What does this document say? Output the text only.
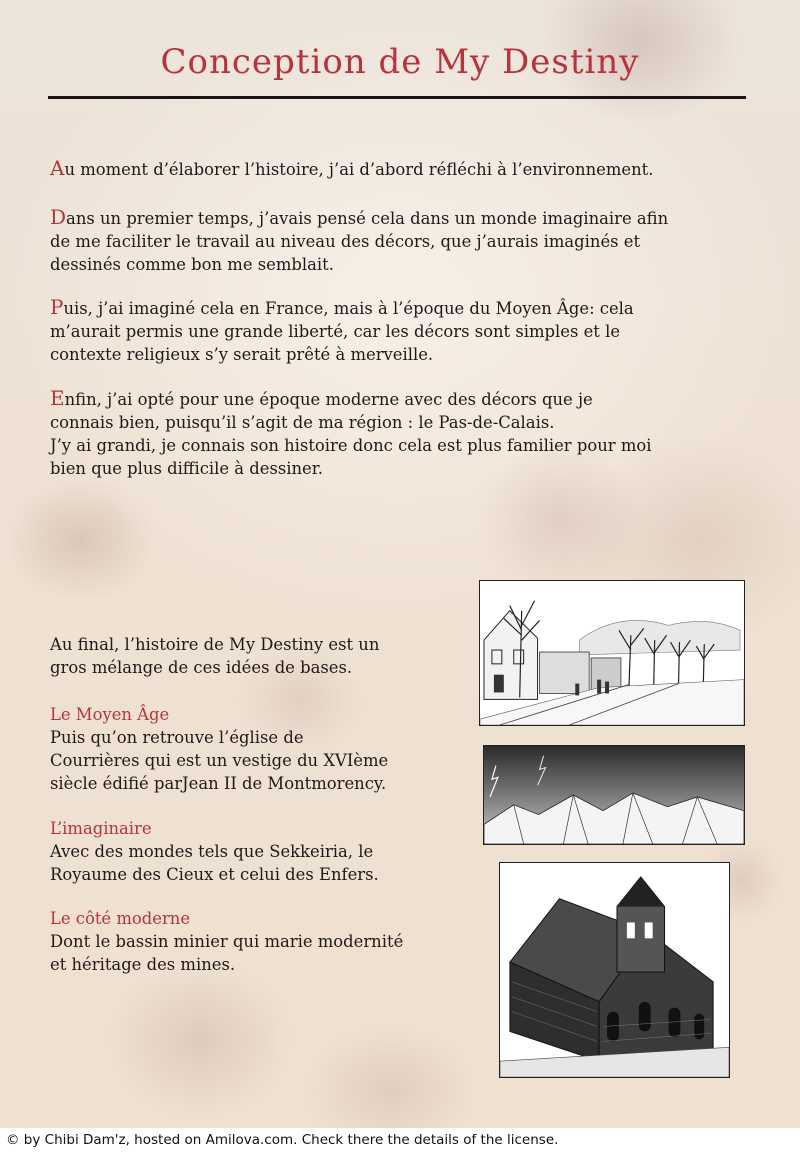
Conception de My Destiny

Au moment d’élaborer l’histoire, j’ai d’abord réfléchi à l’environnement.

Dans un premier temps, j’avais pensé cela dans un monde imaginaire afin
de me faciliter le travail au niveau des décors, que j’aurais imaginés et
dessinés comme bon me semblait.

Puis, j’ai imaginé cela en France, mais à l’époque du Moyen Âge: cela
m’aurait permis une grande liberté, car les décors sont simples et le
contexte religieux s’y serait prêté à merveille.

Enfin, j’ai opté pour une époque moderne avec des décors que je
connais bien, puisqu’il s’agit de ma région : le Pas-de-Calais.
J’y ai grandi, je connais son histoire donc cela est plus familier pour moi
bien que plus difficile à dessiner.

Au final, l’histoire de My Destiny est un
gros mélange de ces idées de bases.

Le Moyen Âge
Puis qu’on retrouve l’église de
Courrières qui est un vestige du XVIème
siècle édifié parJean II de Montmorency.

L’imaginaire
Avec des mondes tels que Sekkeiria, le
Royaume des Cieux et celui des Enfers.

Le côté moderne
Dont le bassin minier qui marie modernité
et héritage des mines.

© by Chibi Dam'z, hosted on Amilova.com. Check there the details of the license.
